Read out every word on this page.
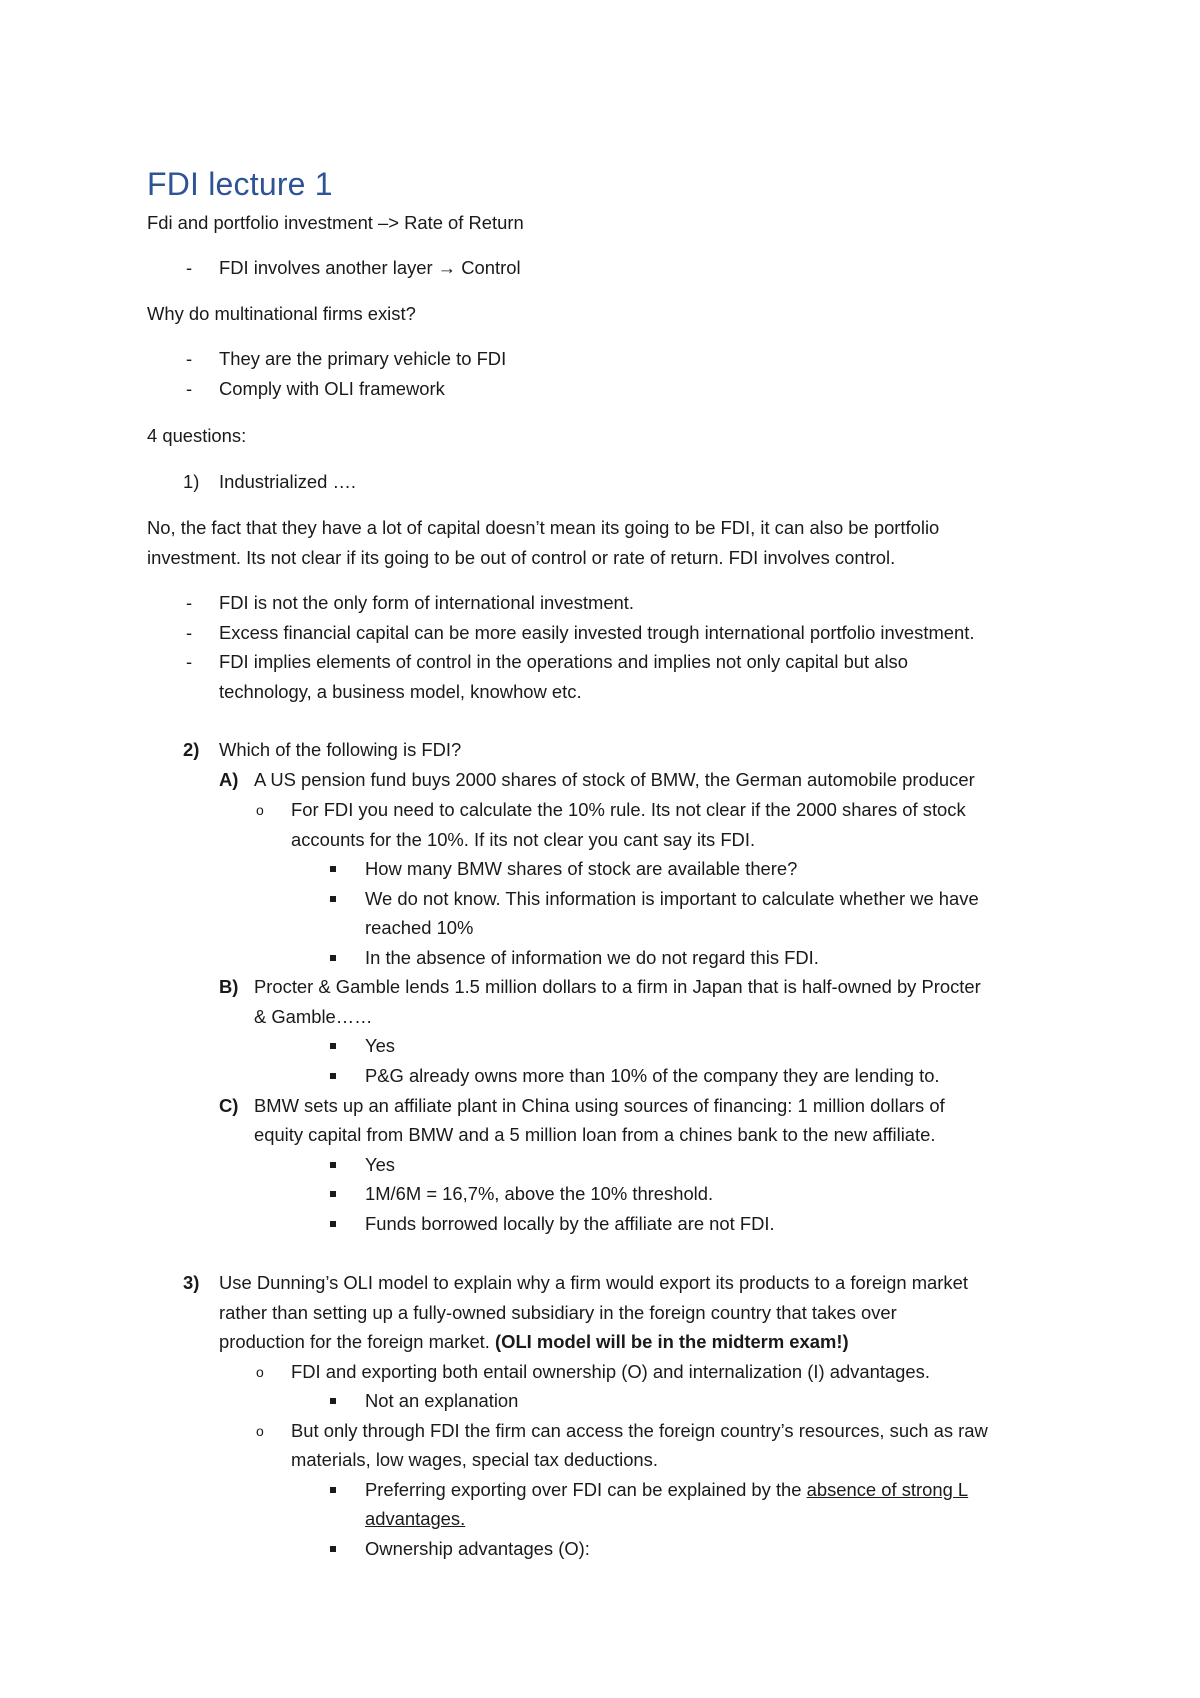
FDI lecture 1
Fdi and portfolio investment –> Rate of Return
- FDI involves another layer → Control
Why do multinational firms exist?
- They are the primary vehicle to FDI
- Comply with OLI framework
4 questions:
1) Industrialized ….
No, the fact that they have a lot of capital doesn’t mean its going to be FDI, it can also be portfolio
investment. Its not clear if its going to be out of control or rate of return. FDI involves control.
- FDI is not the only form of international investment.
- Excess financial capital can be more easily invested trough international portfolio investment.
- FDI implies elements of control in the operations and implies not only capital but also
technology, a business model, knowhow etc.
2) Which of the following is FDI?
A) A US pension fund buys 2000 shares of stock of BMW, the German automobile producer
o For FDI you need to calculate the 10% rule. Its not clear if the 2000 shares of stock
accounts for the 10%. If its not clear you cant say its FDI.
How many BMW shares of stock are available there?
We do not know. This information is important to calculate whether we have
reached 10%
In the absence of information we do not regard this FDI.
B) Procter & Gamble lends 1.5 million dollars to a firm in Japan that is half-owned by Procter
& Gamble……
Yes
P&G already owns more than 10% of the company they are lending to.
C) BMW sets up an affiliate plant in China using sources of financing: 1 million dollars of
equity capital from BMW and a 5 million loan from a chines bank to the new affiliate.
Yes
1M/6M = 16,7%, above the 10% threshold.
Funds borrowed locally by the affiliate are not FDI.
3) Use Dunning’s OLI model to explain why a firm would export its products to a foreign market
rather than setting up a fully-owned subsidiary in the foreign country that takes over
production for the foreign market. (OLI model will be in the midterm exam!)
o FDI and exporting both entail ownership (O) and internalization (I) advantages.
Not an explanation
o But only through FDI the firm can access the foreign country’s resources, such as raw
materials, low wages, special tax deductions.
Preferring exporting over FDI can be explained by the absence of strong L
advantages.
Ownership advantages (O):
